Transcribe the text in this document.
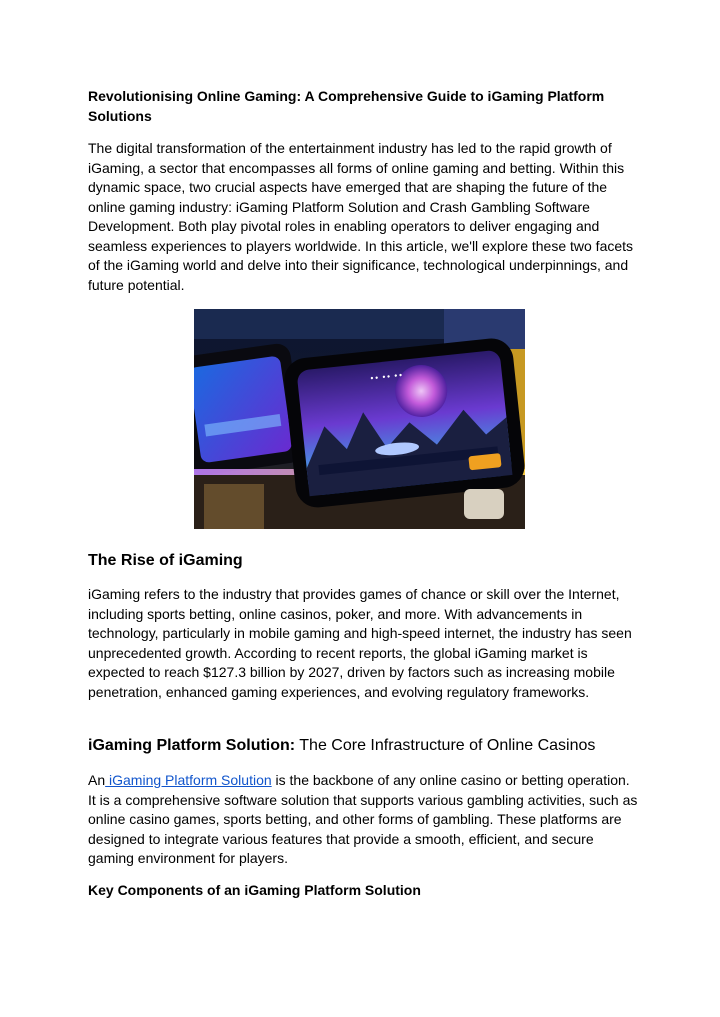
Revolutionising Online Gaming: A Comprehensive Guide to iGaming Platform Solutions

The digital transformation of the entertainment industry has led to the rapid growth of iGaming, a sector that encompasses all forms of online gaming and betting. Within this dynamic space, two crucial aspects have emerged that are shaping the future of the online gaming industry: iGaming Platform Solution and Crash Gambling Software Development. Both play pivotal roles in enabling operators to deliver engaging and seamless experiences to players worldwide. In this article, we'll explore these two facets of the iGaming world and delve into their significance, technological underpinnings, and future potential.

•• •• ••
The Rise of iGaming

iGaming refers to the industry that provides games of chance or skill over the Internet, including sports betting, online casinos, poker, and more. With advancements in technology, particularly in mobile gaming and high-speed internet, the industry has seen unprecedented growth. According to recent reports, the global iGaming market is expected to reach $127.3 billion by 2027, driven by factors such as increasing mobile penetration, enhanced gaming experiences, and evolving regulatory frameworks.

iGaming Platform Solution: The Core Infrastructure of Online Casinos

An iGaming Platform Solution is the backbone of any online casino or betting operation. It is a comprehensive software solution that supports various gambling activities, such as online casino games, sports betting, and other forms of gambling. These platforms are designed to integrate various features that provide a smooth, efficient, and secure gaming environment for players.

Key Components of an iGaming Platform Solution
